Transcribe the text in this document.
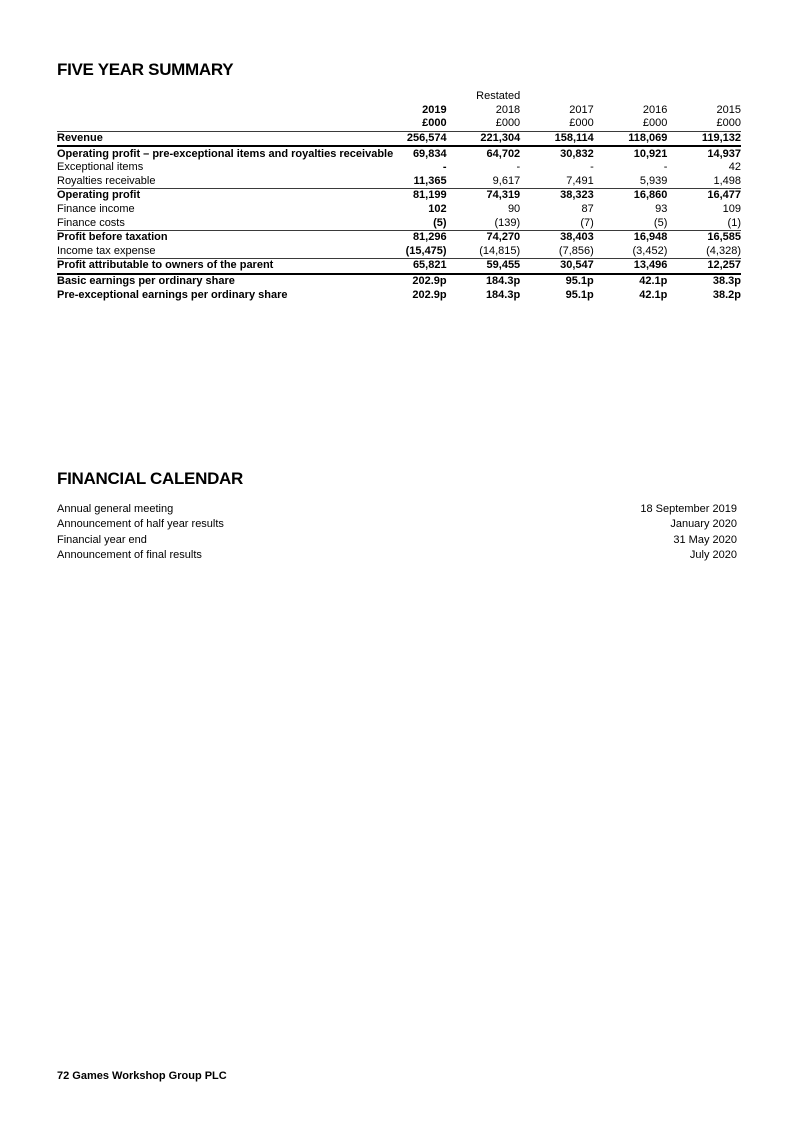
FIVE YEAR SUMMARY
		Restated			
	2019	2018	2017	2016	2015
	£000	£000	£000	£000	£000
Revenue	256,574	221,304	158,114	118,069	119,132
Operating profit – pre-exceptional items and royalties receivable	69,834	64,702	30,832	10,921	14,937
Exceptional items	-	-	-	-	42
Royalties receivable	11,365	9,617	7,491	5,939	1,498
Operating profit	81,199	74,319	38,323	16,860	16,477
Finance income	102	90	87	93	109
Finance costs	(5)	(139)	(7)	(5)	(1)
Profit before taxation	81,296	74,270	38,403	16,948	16,585
Income tax expense	(15,475)	(14,815)	(7,856)	(3,452)	(4,328)
Profit attributable to owners of the parent	65,821	59,455	30,547	13,496	12,257
Basic earnings per ordinary share	202.9p	184.3p	95.1p	42.1p	38.3p
Pre-exceptional earnings per ordinary share	202.9p	184.3p	95.1p	42.1p	38.2p
FINANCIAL CALENDAR
Annual general meeting	18 September 2019
Announcement of half year results	January 2020
Financial year end	31 May 2020
Announcement of final results	July 2020
72 Games Workshop Group PLC
